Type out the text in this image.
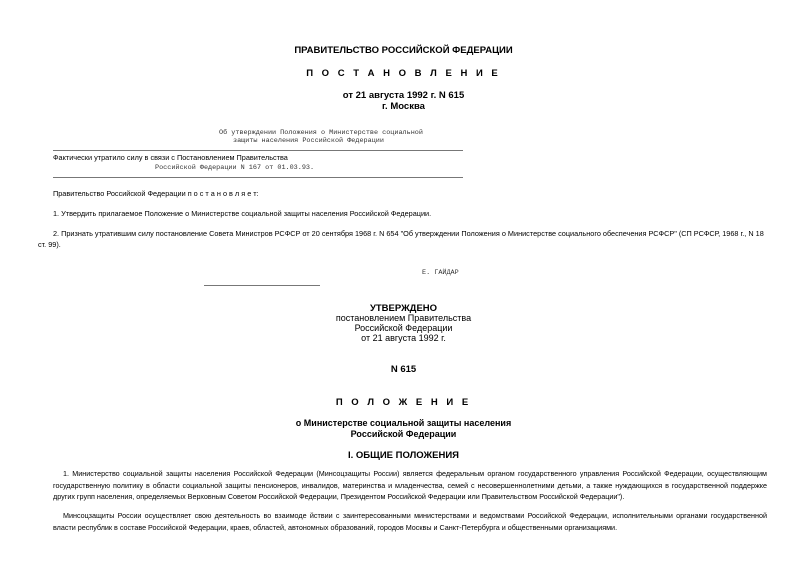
ПРАВИТЕЛЬСТВО РОССИЙСКОЙ ФЕДЕРАЦИИ
П О С Т А Н О В Л Е Н И Е
от 21 августа 1992 г. N 615
г. Москва
Об утверждении Положения о Министерстве социальной
защиты населения Российской Федерации
Фактически утратило силу в связи с Постановлением Правительства
Российской Федерации N 167 от 01.03.93.
Правительство Российской Федерации п о с т а н о в л я е т:
1. Утвердить прилагаемое Положение о Министерстве социальной защиты населения Российской Федерации.
2. Признать утратившим силу постановление Совета Министров РСФСР от 20 сентября 1968 г. N 654 "Об утверждении Положения о Министерстве социального обеспечения РСФСР" (СП РСФСР, 1968 г., N 18
ст. 99).
Е. ГАЙДАР
УТВЕРЖДЕНО
постановлением Правительства
Российской Федерации
от 21 августа 1992 г.
N 615
П О Л О Ж Е Н И Е
о Министерстве социальной защиты населения
Российской Федерации
I. ОБЩИЕ ПОЛОЖЕНИЯ
1. Министерство социальной защиты населения Российской Федерации (Минсоцзащиты России) является федеральным органом государственного управления Российской Федерации, осуществляющим государственную политику в области социальной защиты пенсионеров, инвалидов, материнства и младенчества, семей с несовершеннолетними детьми, а также нуждающихся в государственной поддержке других групп населения, определяемых Верховным Советом Российской Федерации, Президентом Российской Федерации или Правительством Российской Федерации").
Минсоцзащиты России осуществляет свою деятельность во взаимоде йствии с заинтересованными министерствами и ведомствами Российской Федерации, исполнительными органами государственной власти республик в составе Российской Федерации, краев, областей, автономных образований, городов Москвы и Санкт-Петербурга и общественными организациями.
